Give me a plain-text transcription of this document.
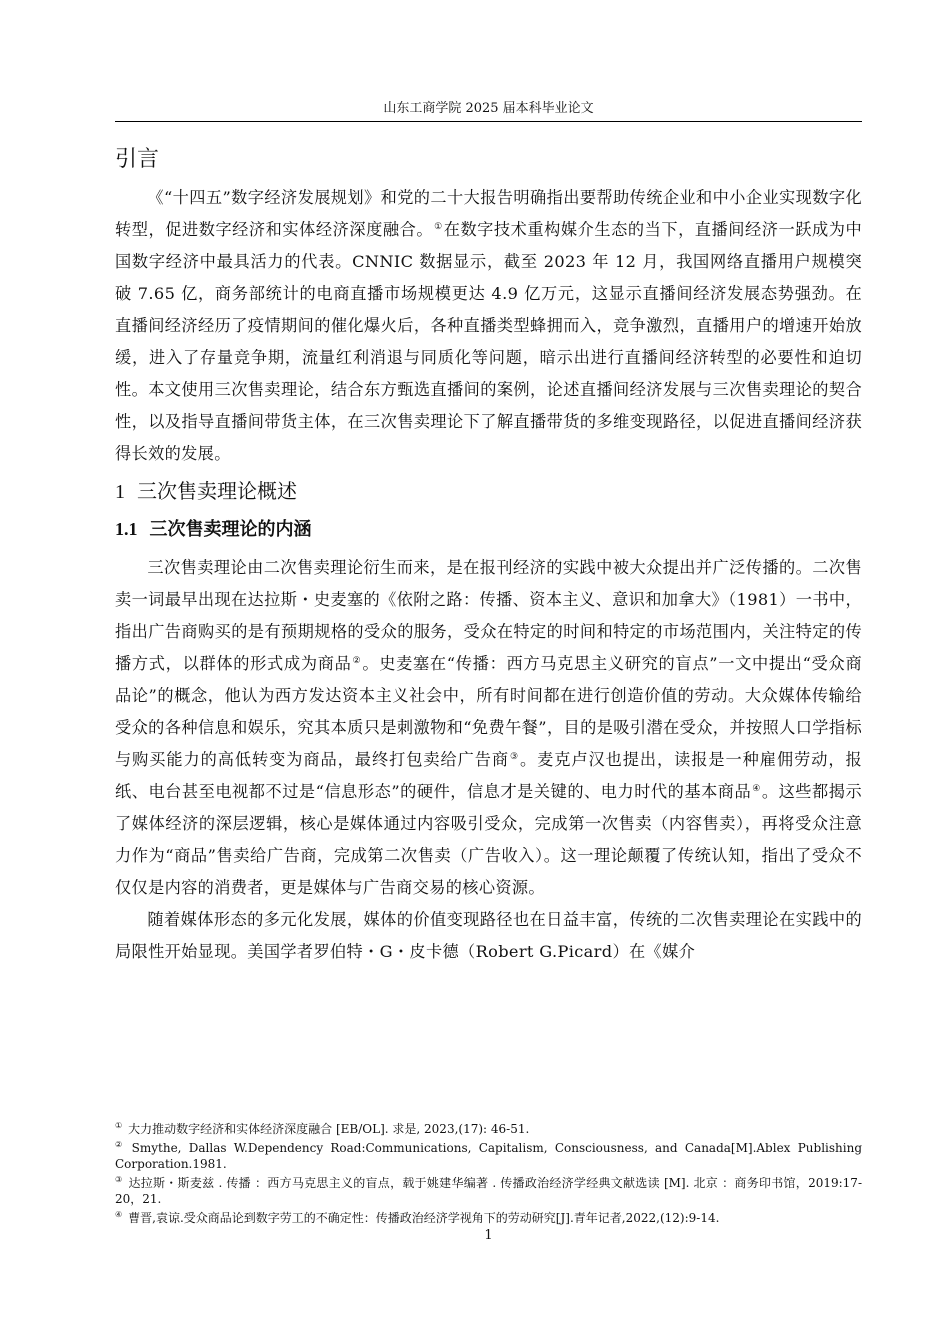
山东工商学院 2025 届本科毕业论文
引言

《“十四五”数字经济发展规划》和党的二十大报告明确指出要帮助传统企业和中小企业实现数字化转型，促进数字经济和实体经济深度融合。①在数字技术重构媒介生态的当下，直播间经济一跃成为中国数字经济中最具活力的代表。CNNIC 数据显示，截至 2023 年 12 月，我国网络直播用户规模突破 7.65 亿，商务部统计的电商直播市场规模更达 4.9 亿万元，这显示直播间经济发展态势强劲。在直播间经济经历了疫情期间的催化爆火后，各种直播类型蜂拥而入，竞争激烈，直播用户的增速开始放缓，进入了存量竞争期，流量红利消退与同质化等问题，暗示出进行直播间经济转型的必要性和迫切性。本文使用三次售卖理论，结合东方甄选直播间的案例，论述直播间经济发展与三次售卖理论的契合性，以及指导直播间带货主体，在三次售卖理论下了解直播带货的多维变现路径，以促进直播间经济获得长效的发展。

1 三次售卖理论概述
1.1 三次售卖理论的内涵

三次售卖理论由二次售卖理论衍生而来，是在报刊经济的实践中被大众提出并广泛传播的。二次售卖一词最早出现在达拉斯・史麦塞的《依附之路：传播、资本主义、意识和加拿大》（1981）一书中，指出广告商购买的是有预期规格的受众的服务，受众在特定的时间和特定的市场范围内，关注特定的传播方式，以群体的形式成为商品②。史麦塞在“传播：西方马克思主义研究的盲点”一文中提出“受众商品论”的概念，他认为西方发达资本主义社会中，所有时间都在进行创造价值的劳动。大众媒体传输给受众的各种信息和娱乐，究其本质只是刺激物和“免费午餐”，目的是吸引潜在受众，并按照人口学指标与购买能力的高低转变为商品，最终打包卖给广告商③。麦克卢汉也提出，读报是一种雇佣劳动，报纸、电台甚至电视都不过是“信息形态”的硬件，信息才是关键的、电力时代的基本商品④。这些都揭示了媒体经济的深层逻辑，核心是媒体通过内容吸引受众，完成第一次售卖（内容售卖），再将受众注意力作为“商品”售卖给广告商，完成第二次售卖（广告收入）。这一理论颠覆了传统认知，指出了受众不仅仅是内容的消费者，更是媒体与广告商交易的核心资源。

随着媒体形态的多元化发展，媒体的价值变现路径也在日益丰富，传统的二次售卖理论在实践中的局限性开始显现。美国学者罗伯特・G・皮卡德（Robert G.Picard）在《媒介

① 大力推动数字经济和实体经济深度融合 [EB/OL]. 求是, 2023,(17): 46-51.
② Smythe, Dallas W.Dependency Road:Communications, Capitalism, Consciousness, and Canada[M].Ablex Publishing Corporation.1981.
③ 达拉斯・斯麦兹 . 传播 ：西方马克思主义的盲点，载于姚建华编著 . 传播政治经济学经典文献选读 [M]. 北京 ：商务印书馆，2019:17-20，21.
④ 曹晋,袁谅.受众商品论到数字劳工的不确定性：传播政治经济学视角下的劳动研究[J].青年记者,2022,(12):9-14.
1
